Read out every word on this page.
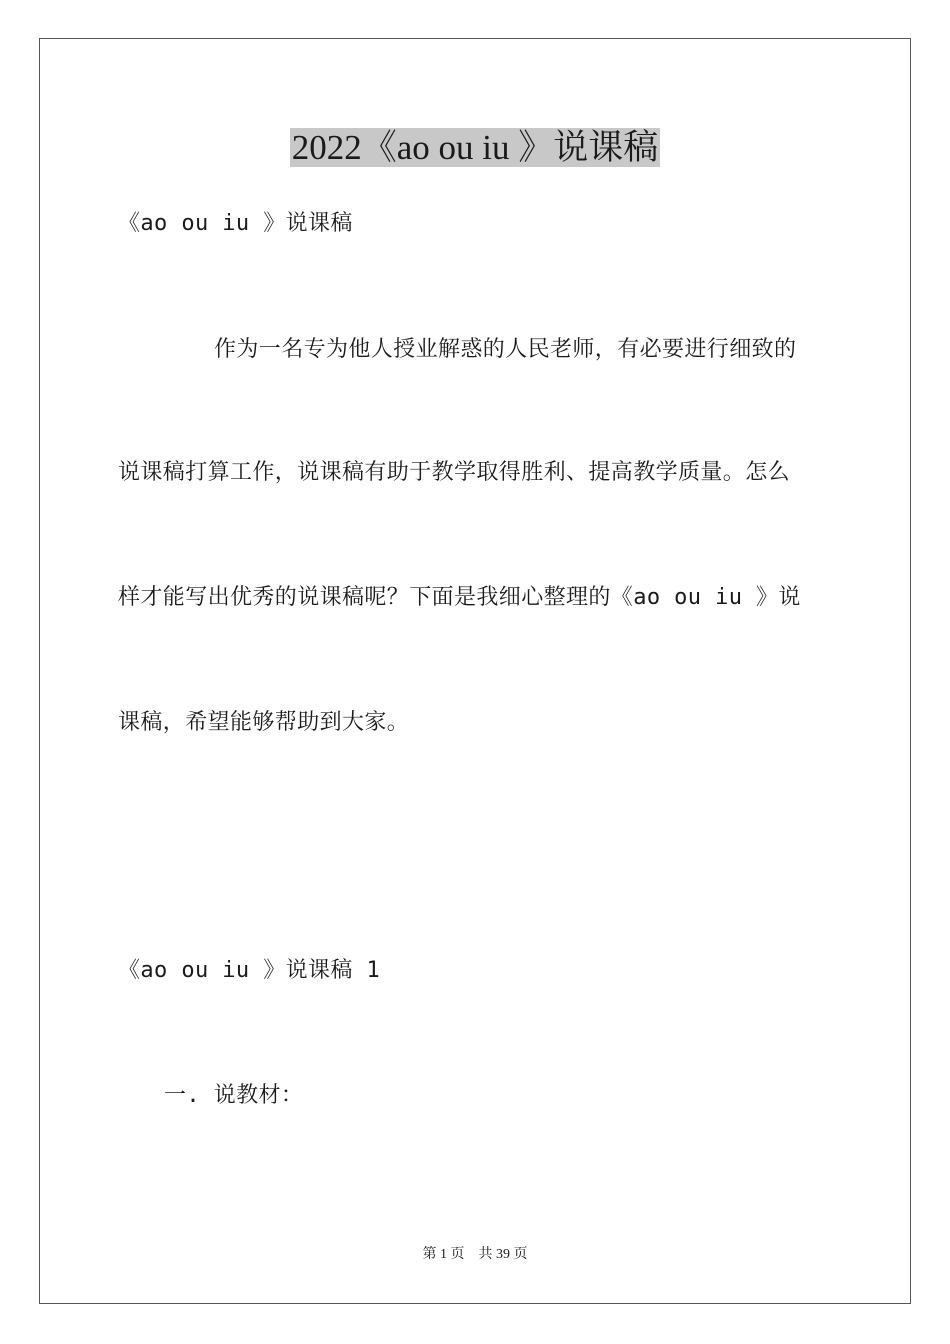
2022《ao ou iu 》说课稿
《ao ou iu 》说课稿
作为一名专为他人授业解惑的人民老师，有必要进行细致的
说课稿打算工作，说课稿有助于教学取得胜利、提高教学质量。怎么
样才能写出优秀的说课稿呢？下面是我细心整理的《ao ou iu 》说
课稿，希望能够帮助到大家。
《ao ou iu 》说课稿 1
一. 说教材：
第 1 页 共 39 页
